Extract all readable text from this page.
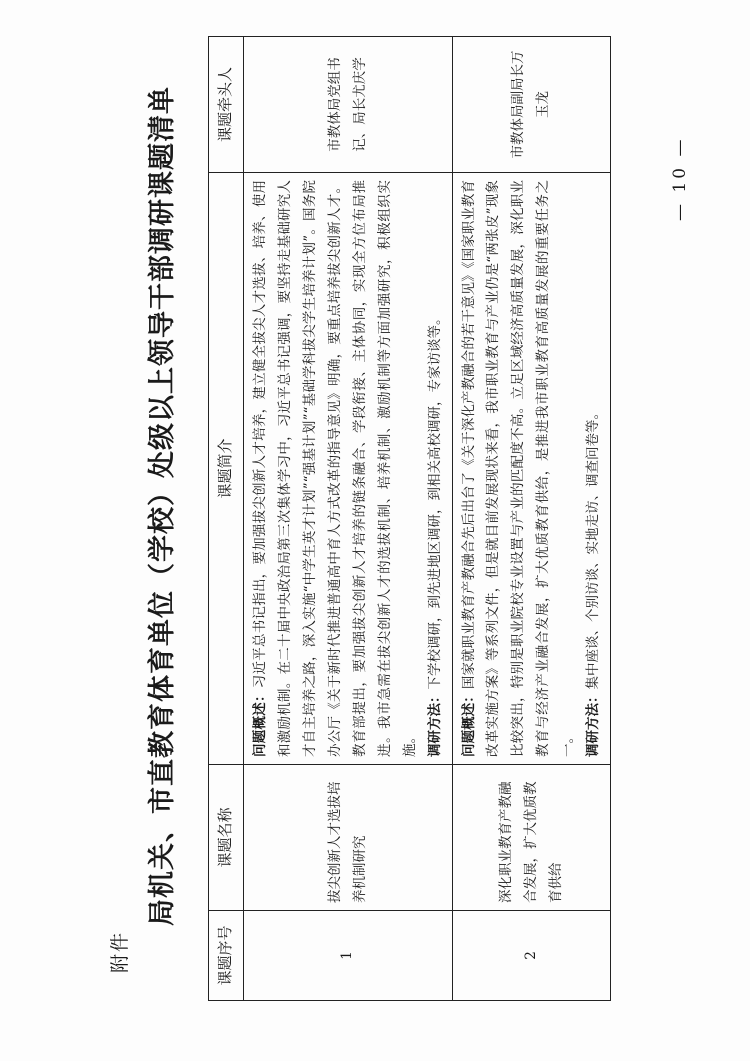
附件
局机关、市直教育体育单位（学校）处级以上领导干部调研课题清单
课题序号	课题名称	课题简介	课题牵头人
1	拔尖创新人才选拔培养机制研究	问题概述：习近平总书记指出，要加强拔尖创新人才培养，建立健全拔尖人才选拔、培养、使用和激励机制。在二十届中央政治局第三次集体学习中，习近平总书记强调，要坚持走基础研究人才自主培养之路，深入实施“中学生英才计划”“强基计划”“基础学科拔尖学生培养计划”。国务院办公厅《关于新时代推进普通高中育人方式改革的指导意见》明确，要重点培养拔尖创新人才。教育部提出，要加强拔尖创新人才培养的链条融合、学段衔接、主体协同，实现全方位布局推进。我市急需在拔尖创新人才的选拔机制、培养机制、激励机制等方面加强研究，积极组织实施。 调研方法：下学校调研，到先进地区调研，到相关高校调研，专家访谈等。	市教体局党组书记、局长尤庆学
2	深化职业教育产教融合发展，扩大优质教育供给	问题概述：国家就职业教育产教融合先后出台了《关于深化产教融合的若干意见》《国家职业教育改革实施方案》等系列文件，但是就目前发展现状来看，我市职业教育与产业仍是“两张皮”现象比较突出，特别是职业院校专业设置与产业的匹配度不高。立足区域经济高质量发展，深化职业教育与经济产业融合发展，扩大优质教育供给，是推进我市职业教育高质量发展的重要任务之一。 调研方法：集中座谈、个别访谈、实地走访、调查问卷等。	市教体局副局长万玉龙
— 10 —
